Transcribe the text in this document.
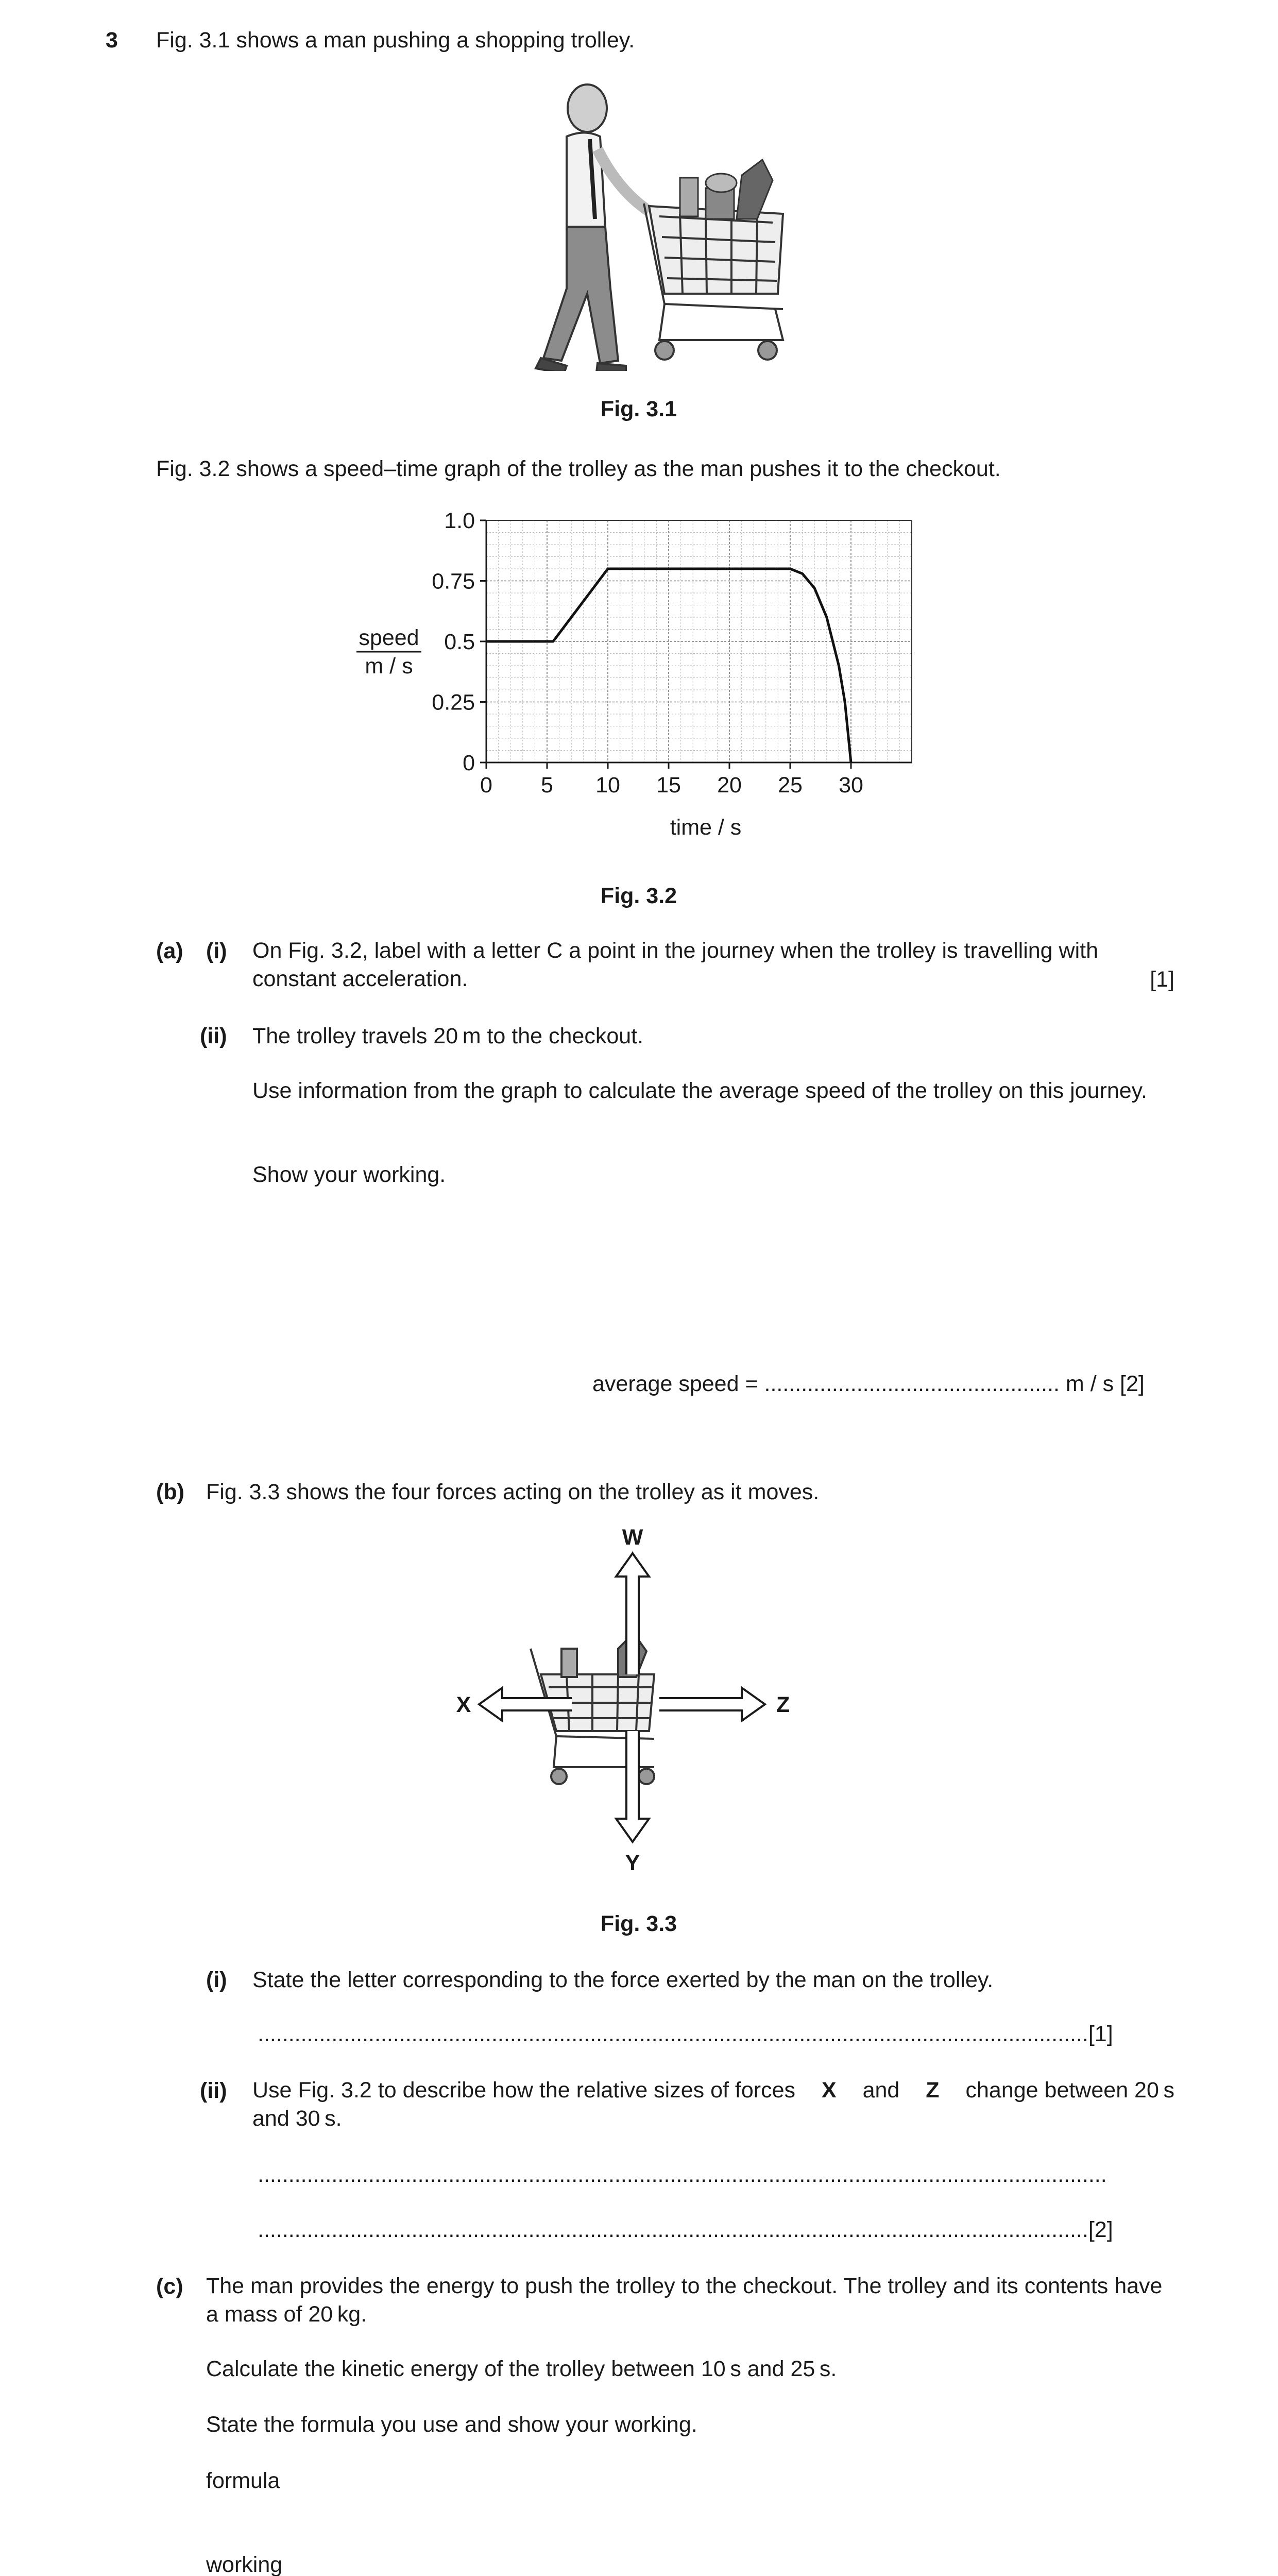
3 Fig. 3.1 shows a man pushing a shopping trolley.
Fig. 3.1
Fig. 3.2 shows a speed–time graph of the trolley as the man pushes it to the checkout.
0 5 10 15 20 25 30
0
0.25
0.5
0.75
1.0
time / s
speed
m / s
Fig. 3.2
(a) (i) On Fig. 3.2, label with a letter C a point in the journey when the trolley is travelling with constant acceleration.	[1]
(ii) The trolley travels 20 m to the checkout.
Use information from the graph to calculate the average speed of the trolley on this journey.
Show your working.
average speed = ................................................ m / s [2]
(b) Fig. 3.3 shows the four forces acting on the trolley as it moves.
W
X	Z
Y
Fig. 3.3
(i) State the letter corresponding to the force exerted by the man on the trolley.
.......................................................................................................................................[1]
(ii) Use Fig. 3.2 to describe how the relative sizes of forces X and Z change between 20 s
and 30 s.
..........................................................................................................................................
.......................................................................................................................................[2]
(c) The man provides the energy to push the trolley to the checkout. The trolley and its contents have a mass of 20 kg.
Calculate the kinetic energy of the trolley between 10 s and 25 s.
State the formula you use and show your working.
formula
working
